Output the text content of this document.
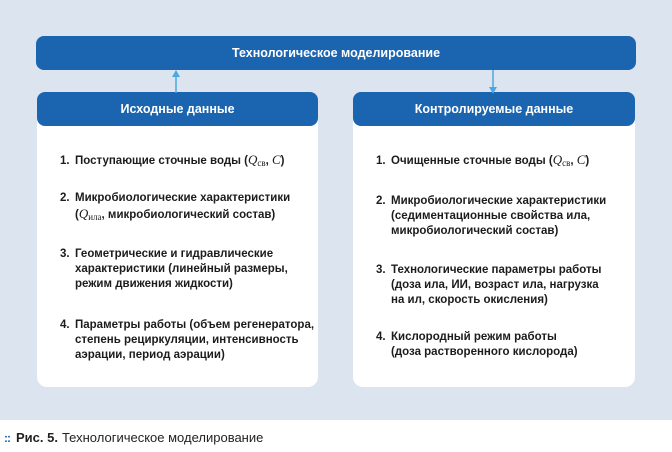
Технологическое моделирование
Исходные данные
1. Поступающие сточные воды ($Q_{св}$, C)
2. Микробиологические характеристики
($Q_{ила}$, микробиологический состав)
3. Геометрические и гидравлические
характеристики (линейный размеры,
режим движения жидкости)
4. Параметры работы (объем регенератора,
степень рециркуляции, интенсивность
аэрации, период аэрации)
Контролируемые данные
1. Очищенные сточные воды ($Q_{св}$, C)
2. Микробиологические характеристики
(седиментационные свойства ила,
микробиологический состав)
3. Технологические параметры работы
(доза ила, ИИ, возраст ила, нагрузка
на ил, скорость окисления)
4. Кислородный режим работы
(доза растворенного кислорода)
:: Рис. 5. Технологическое моделирование
